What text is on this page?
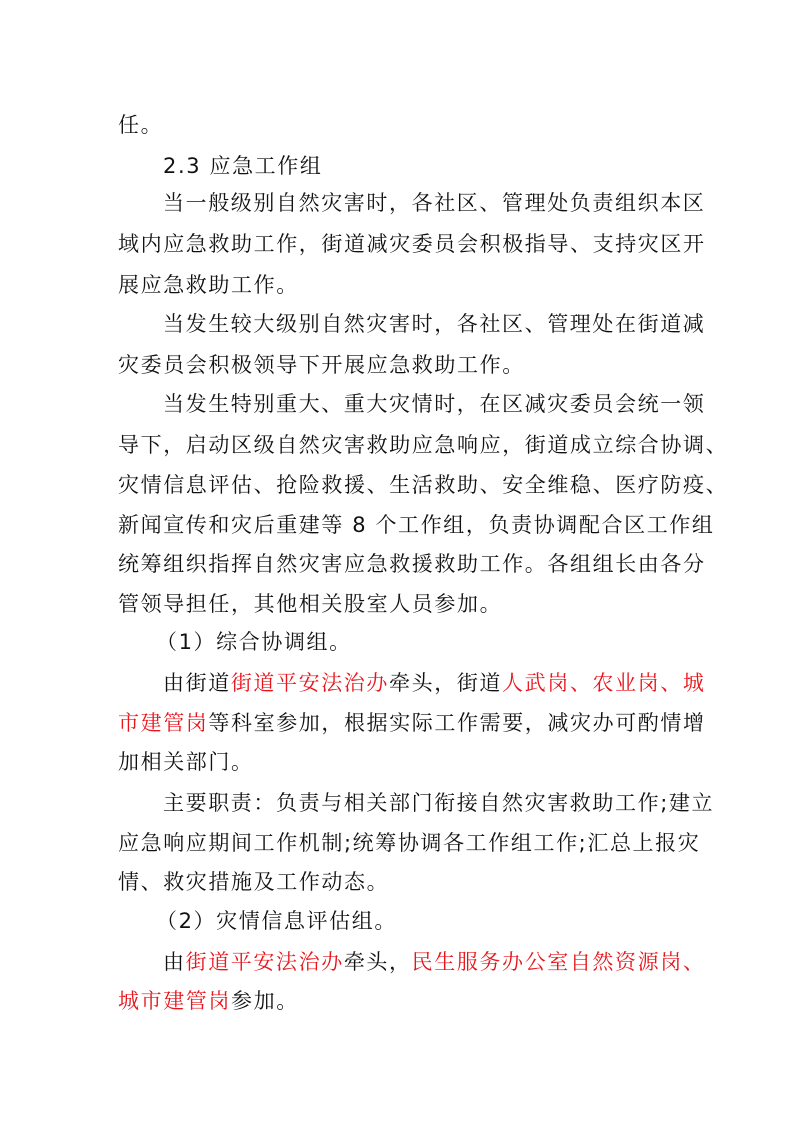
任。
2.3 应急工作组
当一般级别自然灾害时，各社区、管理处负责组织本区
域内应急救助工作，街道减灾委员会积极指导、支持灾区开
展应急救助工作。
当发生较大级别自然灾害时，各社区、管理处在街道减
灾委员会积极领导下开展应急救助工作。
当发生特别重大、重大灾情时，在区减灾委员会统一领
导下，启动区级自然灾害救助应急响应，街道成立综合协调、
灾情信息评估、抢险救援、生活救助、安全维稳、医疗防疫、
新闻宣传和灾后重建等 8 个工作组，负责协调配合区工作组
统筹组织指挥自然灾害应急救援救助工作。各组组长由各分
管领导担任，其他相关股室人员参加。
（1）综合协调组。
由街道街道平安法治办牵头，街道人武岗、农业岗、城
市建管岗等科室参加，根据实际工作需要，减灾办可酌情增
加相关部门。
主要职责：负责与相关部门衔接自然灾害救助工作;建立
应急响应期间工作机制;统筹协调各工作组工作;汇总上报灾
情、救灾措施及工作动态。
（2）灾情信息评估组。
由街道平安法治办牵头，民生服务办公室自然资源岗、
城市建管岗参加。
